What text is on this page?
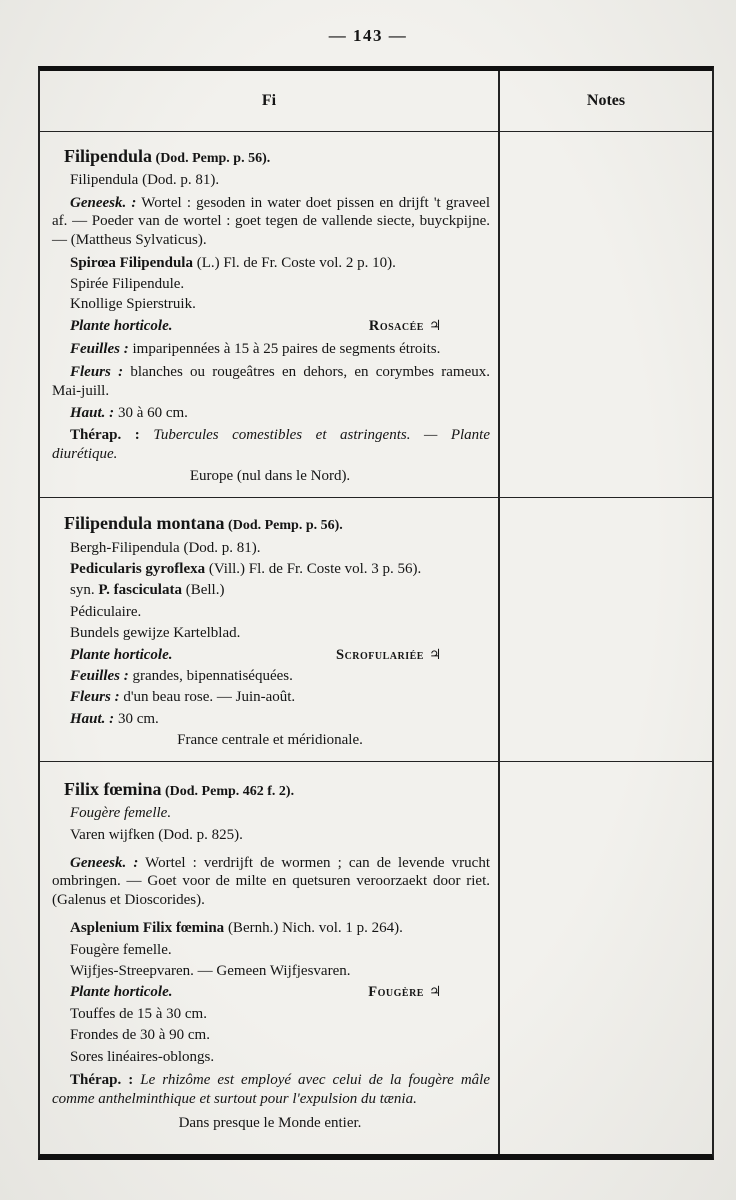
— 143 —
Fi	Notes
Filipendula (Dod. Pemp. p. 56).
Filipendula (Dod. p. 81).
Geneesk. : Wortel : gesoden in water doet pissen en drijft 't graveel af. — Poeder van de wortel : goet tegen de vallende siecte, buyckpijne. — (Mattheus Sylvaticus).
Spirœa Filipendula (L.) Fl. de Fr. Coste vol. 2 p. 10).
Spirée Filipendule.
Knollige Spierstruik.
Plante horticole.	Rosacée ♃
Feuilles : imparipennées à 15 à 25 paires de segments étroits.
Fleurs : blanches ou rougeâtres en dehors, en corymbes rameux. Mai-juill.
Haut. : 30 à 60 cm.
Thérap. : Tubercules comestibles et astringents. — Plante diurétique.
Europe (nul dans le Nord).
Filipendula montana (Dod. Pemp. p. 56).
Bergh-Filipendula (Dod. p. 81).
Pedicularis gyroflexa (Vill.) Fl. de Fr. Coste vol. 3 p. 56).
syn. P. fasciculata (Bell.)
Pédiculaire.
Bundels gewijze Kartelblad.
Plante horticole.	Scrofulariée ♃
Feuilles : grandes, bipennatiséquées.
Fleurs : d'un beau rose. — Juin-août.
Haut. : 30 cm.
France centrale et méridionale.
Filix fœmina (Dod. Pemp. 462 f. 2).
Fougère femelle.
Varen wijfken (Dod. p. 825).
Geneesk. : Wortel : verdrijft de wormen ; can de levende vrucht ombringen. — Goet voor de milte en quetsuren veroorzaekt door riet. (Galenus et Dioscorides).
Asplenium Filix fœmina (Bernh.) Nich. vol. 1 p. 264).
Fougère femelle.
Wijfjes-Streepvaren. — Gemeen Wijfjesvaren.
Plante horticole.	Fougère ♃
Touffes de 15 à 30 cm.
Frondes de 30 à 90 cm.
Sores linéaires-oblongs.
Thérap. : Le rhizôme est employé avec celui de la fougère mâle comme anthelminthique et surtout pour l'expulsion du tænia.
Dans presque le Monde entier.
